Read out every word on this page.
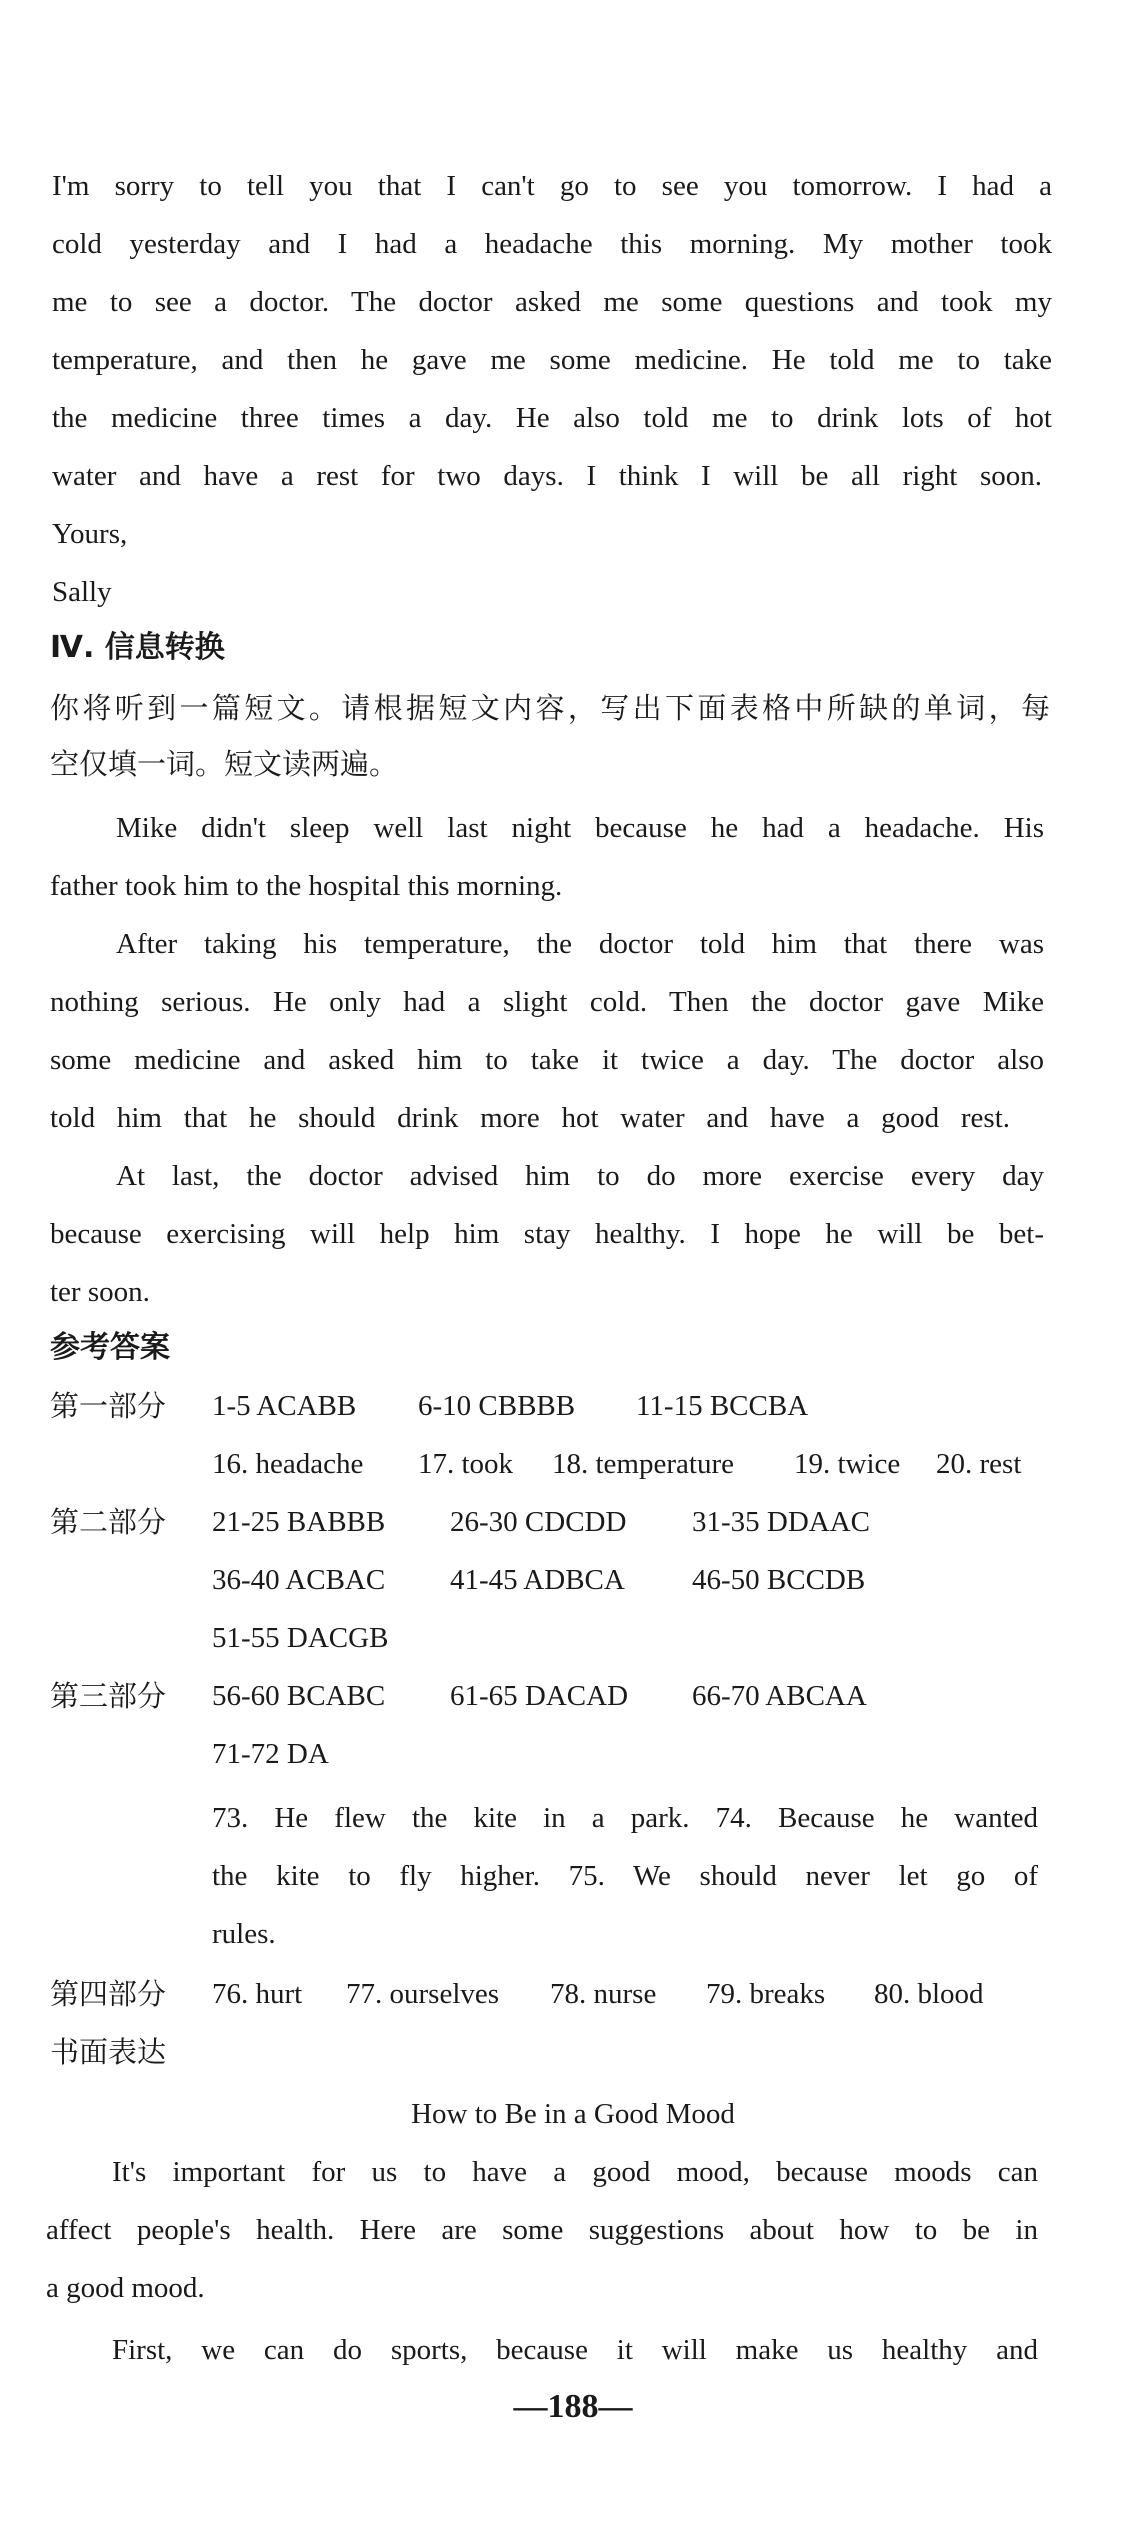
I'm sorry to tell you that I can't go to see you tomorrow. I had a
cold yesterday and I had a headache this morning. My mother took
me to see a doctor. The doctor asked me some questions and took my
temperature, and then he gave me some medicine. He told me to take
the medicine three times a day. He also told me to drink lots of hot
water and have a rest for two days. I think I will be all right soon.
Yours,
Sally
Ⅳ. 信息转换
你将听到一篇短文。请根据短文内容，写出下面表格中所缺的单词，每
空仅填一词。短文读两遍。
Mike didn't sleep well last night because he had a headache. His
father took him to the hospital this morning.
After taking his temperature, the doctor told him that there was
nothing serious. He only had a slight cold. Then the doctor gave Mike
some medicine and asked him to take it twice a day. The doctor also
told him that he should drink more hot water and have a good rest.
At last, the doctor advised him to do more exercise every day
because exercising will help him stay healthy. I hope he will be bet-
ter soon.
参考答案
第一部分 1-5 ACABB 6-10 CBBBB 11-15 BCCBA
16. headache 17. took 18. temperature 19. twice 20. rest
第二部分 21-25 BABBB 26-30 CDCDD 31-35 DDAAC
36-40 ACBAC 41-45 ADBCA 46-50 BCCDB
51-55 DACGB
第三部分 56-60 BCABC 61-65 DACAD 66-70 ABCAA
71-72 DA
73. He flew the kite in a park. 74. Because he wanted
the kite to fly higher. 75. We should never let go of
rules.
第四部分 76. hurt 77. ourselves 78. nurse 79. breaks 80. blood
书面表达
How to Be in a Good Mood
It's important for us to have a good mood, because moods can
affect people's health. Here are some suggestions about how to be in
a good mood.
First, we can do sports, because it will make us healthy and
—188—
